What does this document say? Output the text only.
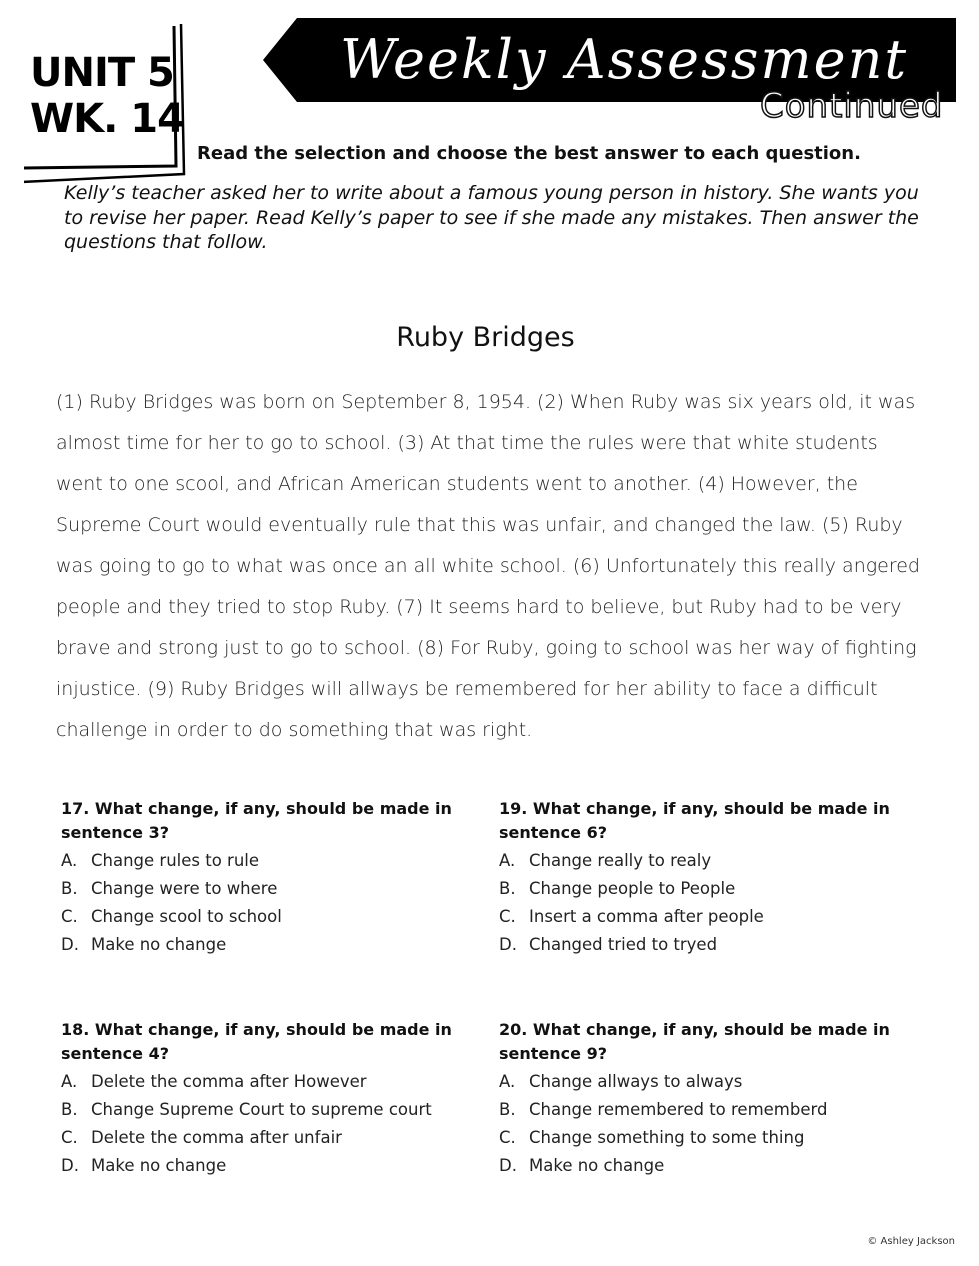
UNIT 5
WK. 14
Weekly Assessment
Continued
Read the selection and choose the best answer to each question.
Kelly’s teacher asked her to write about a famous young person in history. She wants you to revise her paper. Read Kelly’s paper to see if she made any mistakes. Then answer the questions that follow.
Ruby Bridges
(1) Ruby Bridges was born on September 8, 1954. (2) When Ruby was six years old, it was almost time for her to go to school. (3) At that time the rules were that white students went to one scool, and African American students went to another. (4) However, the Supreme Court would eventually rule that this was unfair, and changed the law. (5) Ruby was going to go to what was once an all white school. (6) Unfortunately this really angered people and they tried to stop Ruby. (7) It seems hard to believe, but Ruby had to be very brave and strong just to go to school. (8) For Ruby, going to school was her way of fighting injustice. (9) Ruby Bridges will allways be remembered for her ability to face a difficult challenge in order to do something that was right.
17. What change, if any, should be made in sentence 3?
A. Change rules to rule
B. Change were to where
C. Change scool to school
D. Make no change
18. What change, if any, should be made in sentence 4?
A. Delete the comma after However
B. Change Supreme Court to supreme court
C. Delete the comma after unfair
D. Make no change
19. What change, if any, should be made in sentence 6?
A. Change really to realy
B. Change people to People
C. Insert a comma after people
D. Changed tried to tryed
20. What change, if any, should be made in sentence 9?
A. Change allways to always
B. Change remembered to rememberd
C. Change something to some thing
D. Make no change
© Ashley Jackson
